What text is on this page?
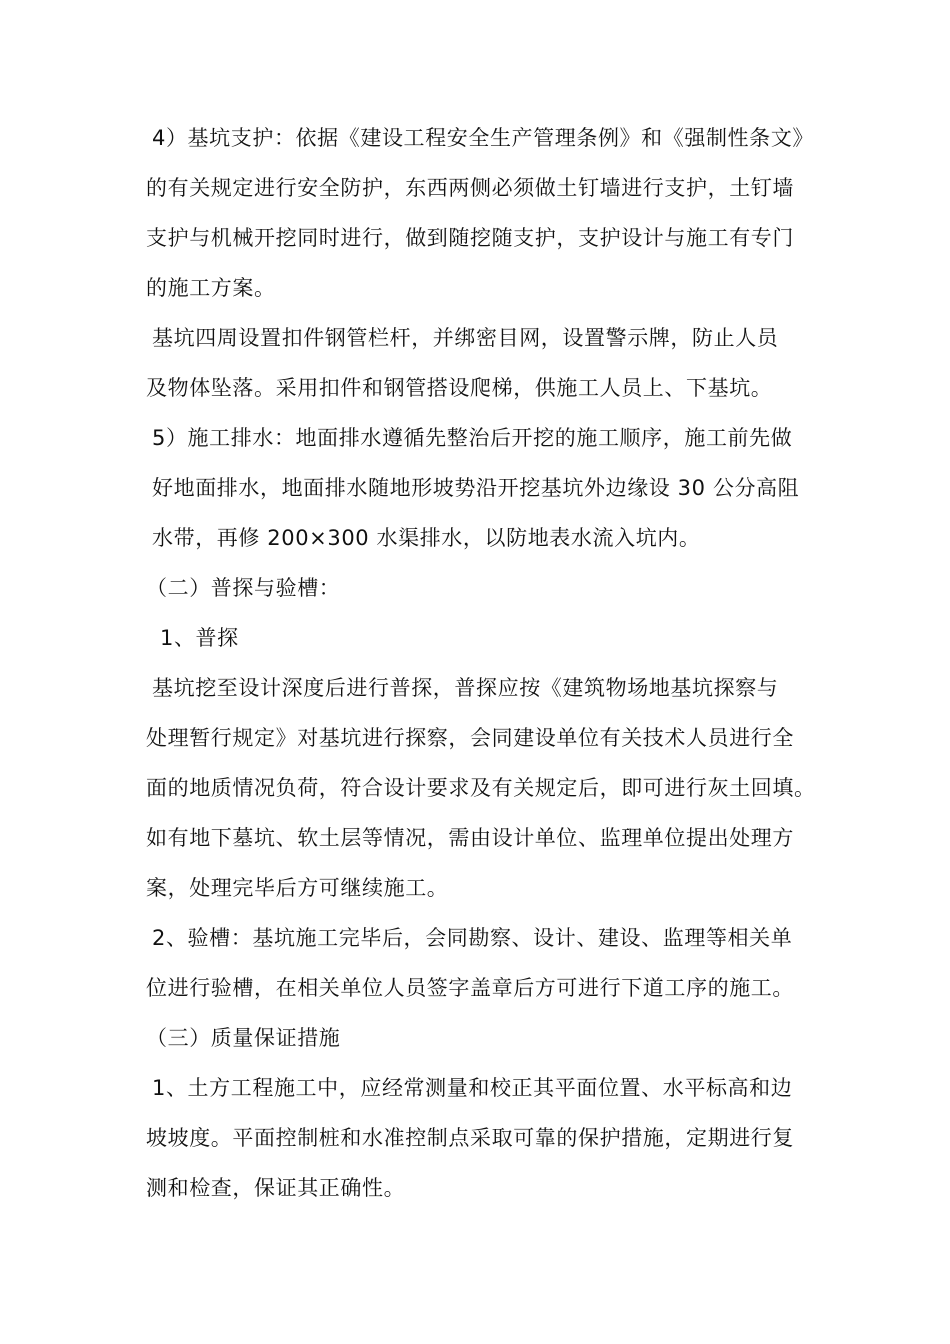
4）基坑支护：依据《建设工程安全生产管理条例》和《强制性条文》
的有关规定进行安全防护，东西两侧必须做土钉墙进行支护，土钉墙
支护与机械开挖同时进行，做到随挖随支护，支护设计与施工有专门
的施工方案。
基坑四周设置扣件钢管栏杆，并绑密目网，设置警示牌，防止人员
及物体坠落。采用扣件和钢管搭设爬梯，供施工人员上、下基坑。
5）施工排水：地面排水遵循先整治后开挖的施工顺序，施工前先做
好地面排水，地面排水随地形坡势沿开挖基坑外边缘设 30 公分高阻
水带，再修 200×300 水渠排水，以防地表水流入坑内。
（二）普探与验槽：
1、普探
基坑挖至设计深度后进行普探，普探应按《建筑物场地基坑探察与
处理暂行规定》对基坑进行探察，会同建设单位有关技术人员进行全
面的地质情况负荷，符合设计要求及有关规定后，即可进行灰土回填。
如有地下墓坑、软土层等情况，需由设计单位、监理单位提出处理方
案，处理完毕后方可继续施工。
2、验槽：基坑施工完毕后，会同勘察、设计、建设、监理等相关单
位进行验槽，在相关单位人员签字盖章后方可进行下道工序的施工。
（三）质量保证措施
1、土方工程施工中，应经常测量和校正其平面位置、水平标高和边
坡坡度。平面控制桩和水准控制点采取可靠的保护措施，定期进行复
测和检查，保证其正确性。
